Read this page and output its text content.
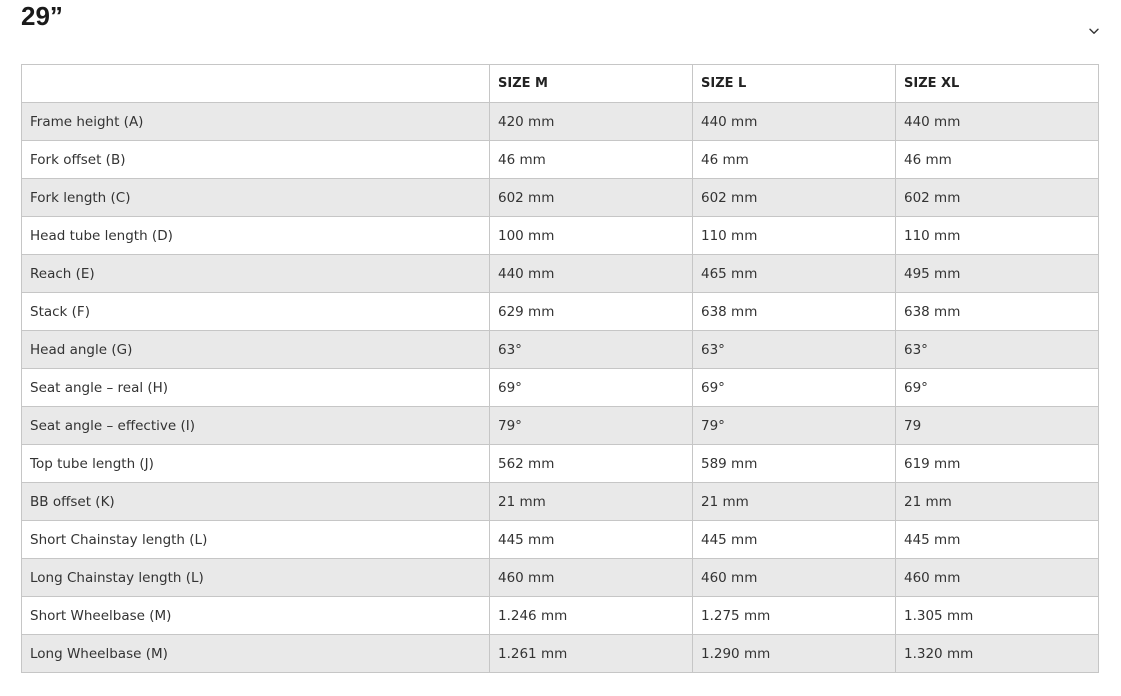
29”
	SIZE M	SIZE L	SIZE XL
Frame height (A)	420 mm	440 mm	440 mm
Fork offset (B)	46 mm	46 mm	46 mm
Fork length (C)	602 mm	602 mm	602 mm
Head tube length (D)	100 mm	110 mm	110 mm
Reach (E)	440 mm	465 mm	495 mm
Stack (F)	629 mm	638 mm	638 mm
Head angle (G)	63°	63°	63°
Seat angle – real (H)	69°	69°	69°
Seat angle – effective (I)	79°	79°	79
Top tube length (J)	562 mm	589 mm	619 mm
BB offset (K)	21 mm	21 mm	21 mm
Short Chainstay length (L)	445 mm	445 mm	445 mm
Long Chainstay length (L)	460 mm	460 mm	460 mm
Short Wheelbase (M)	1.246 mm	1.275 mm	1.305 mm
Long Wheelbase (M)	1.261 mm	1.290 mm	1.320 mm
